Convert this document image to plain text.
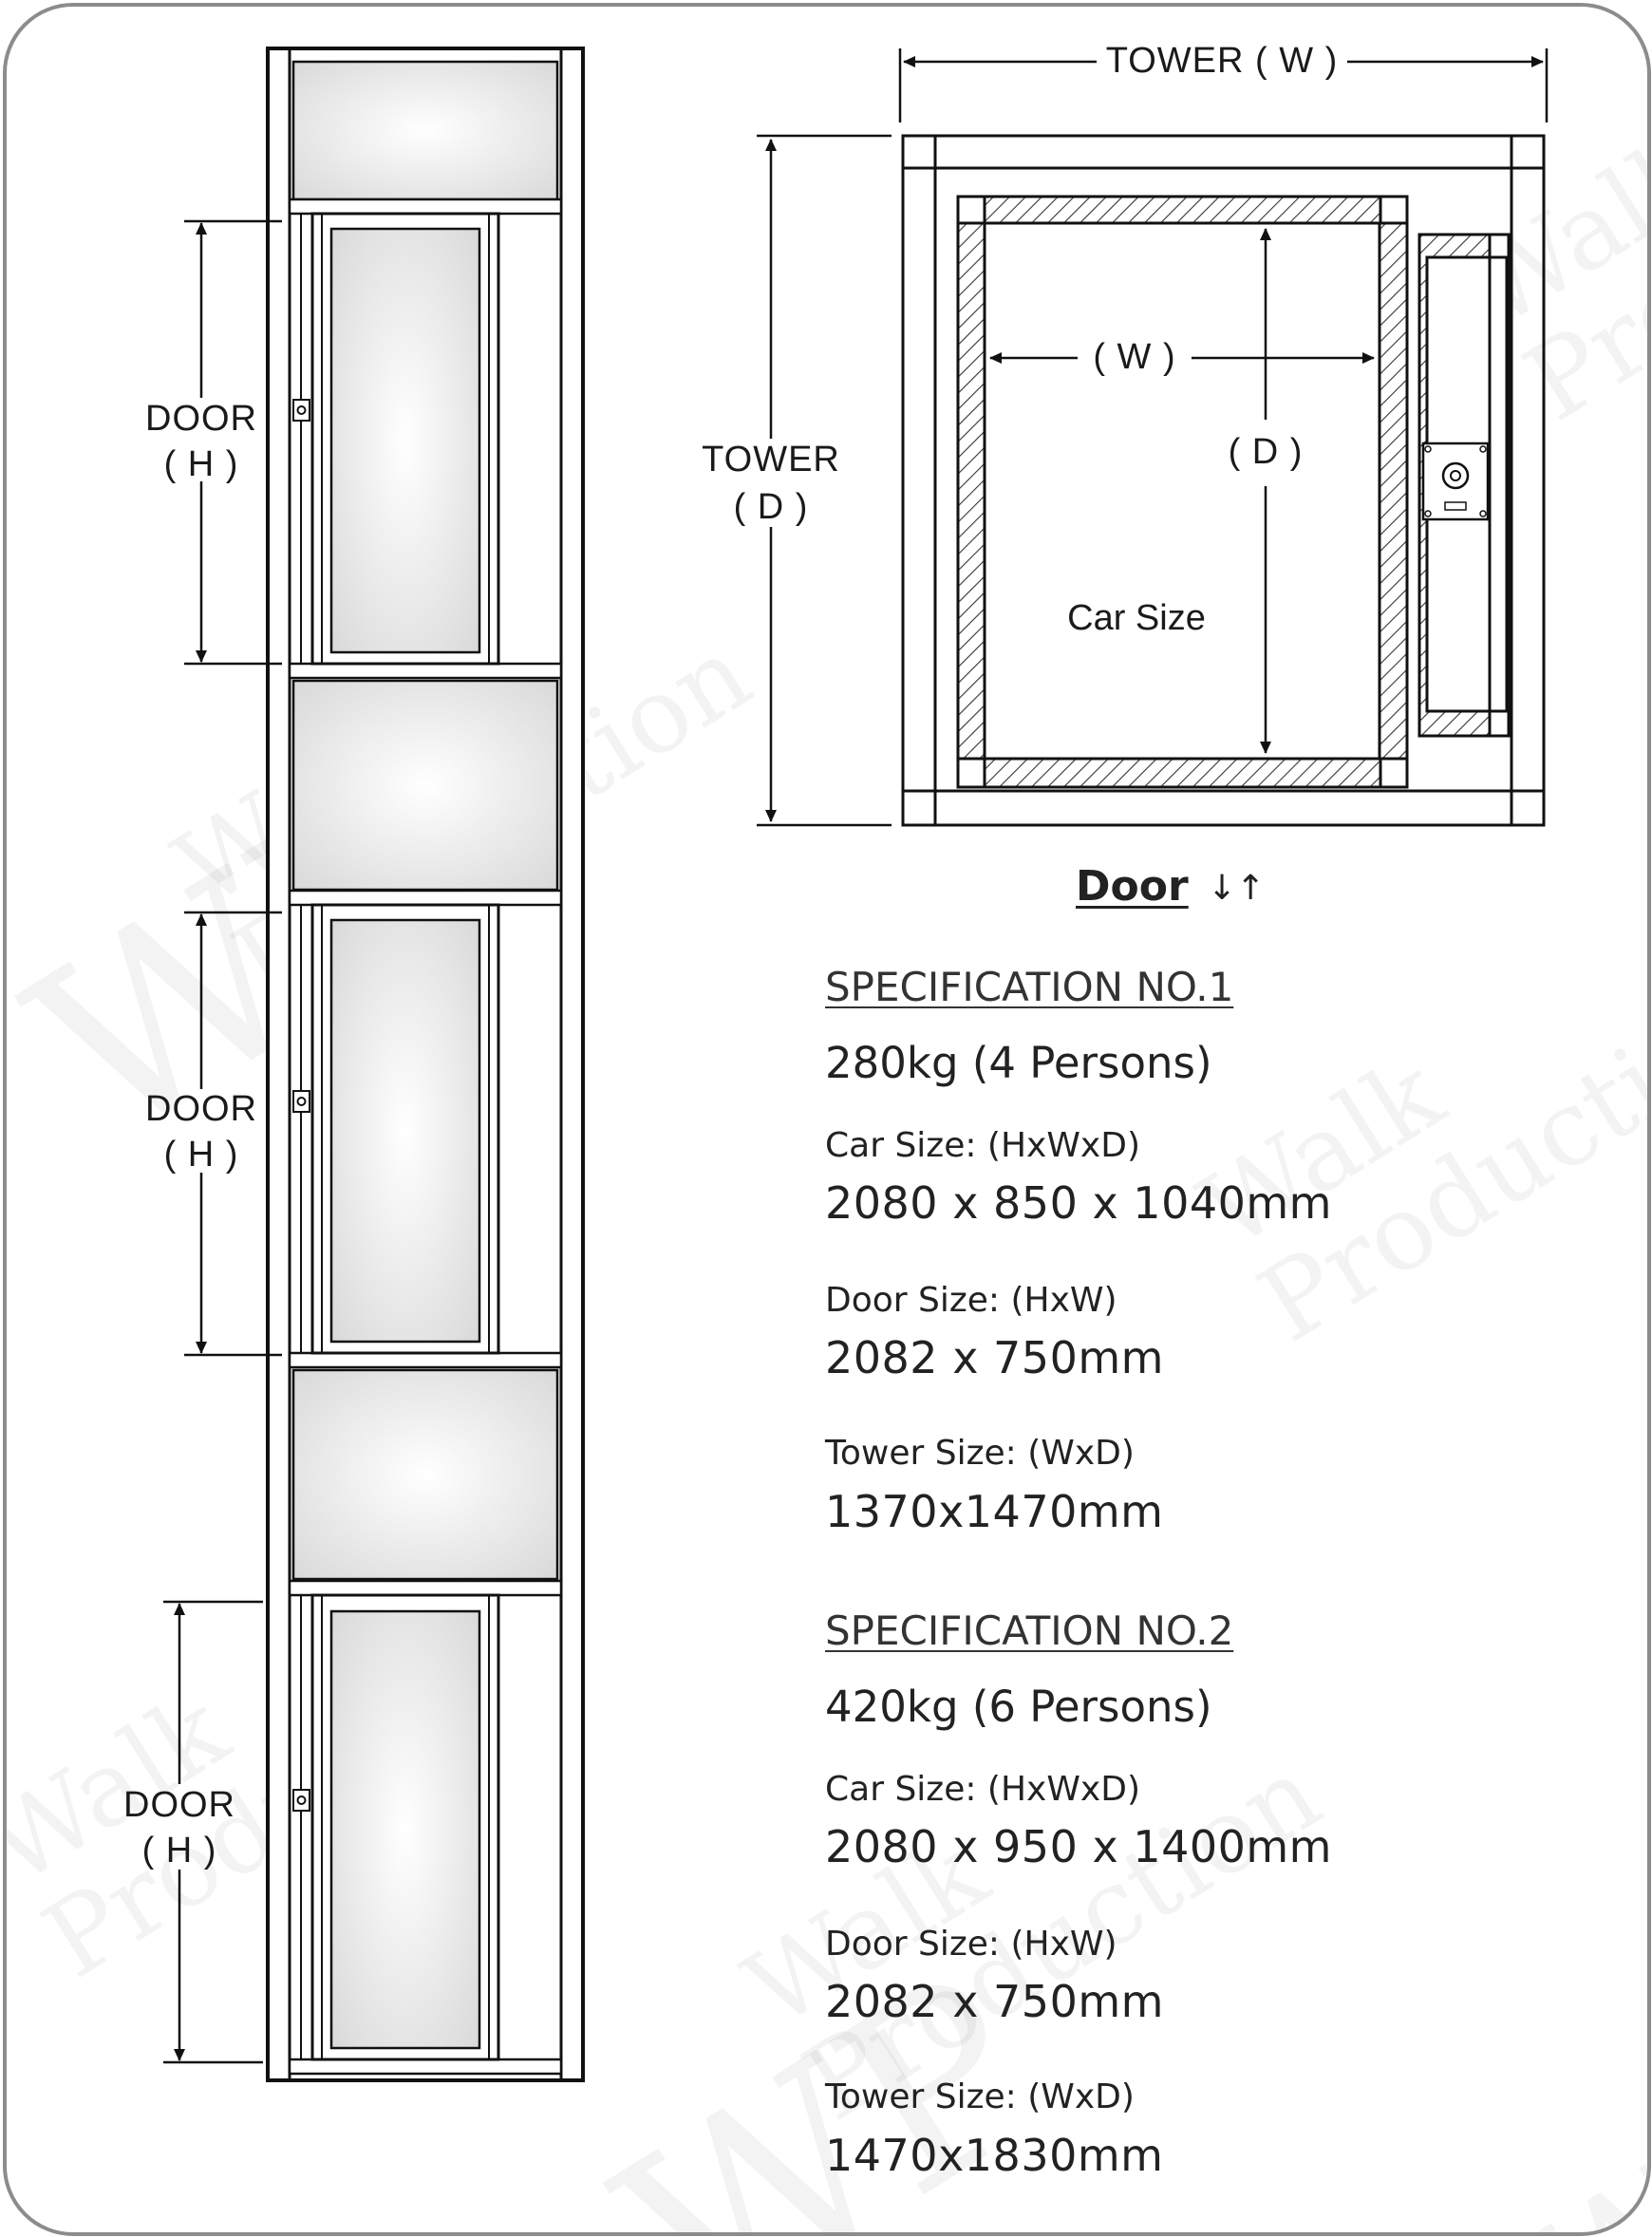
DOOR
( H )
DOOR
( H )
DOOR
( H )
TOWER ( W )
TOWER
( D )
( W )
( D )
Car Size
Door ↓↑
SPECIFICATION NO.1
280kg (4 Persons)
Car Size: (HxWxD)
2080 x 850 x 1040mm
Door Size: (HxW)
2082 x 750mm
Tower Size: (WxD)
1370x1470mm
SPECIFICATION NO.2
420kg (6 Persons)
Car Size: (HxWxD)
2080 x 950 x 1400mm
Door Size: (HxW)
2082 x 750mm
Tower Size: (WxD)
1470x1830mm
